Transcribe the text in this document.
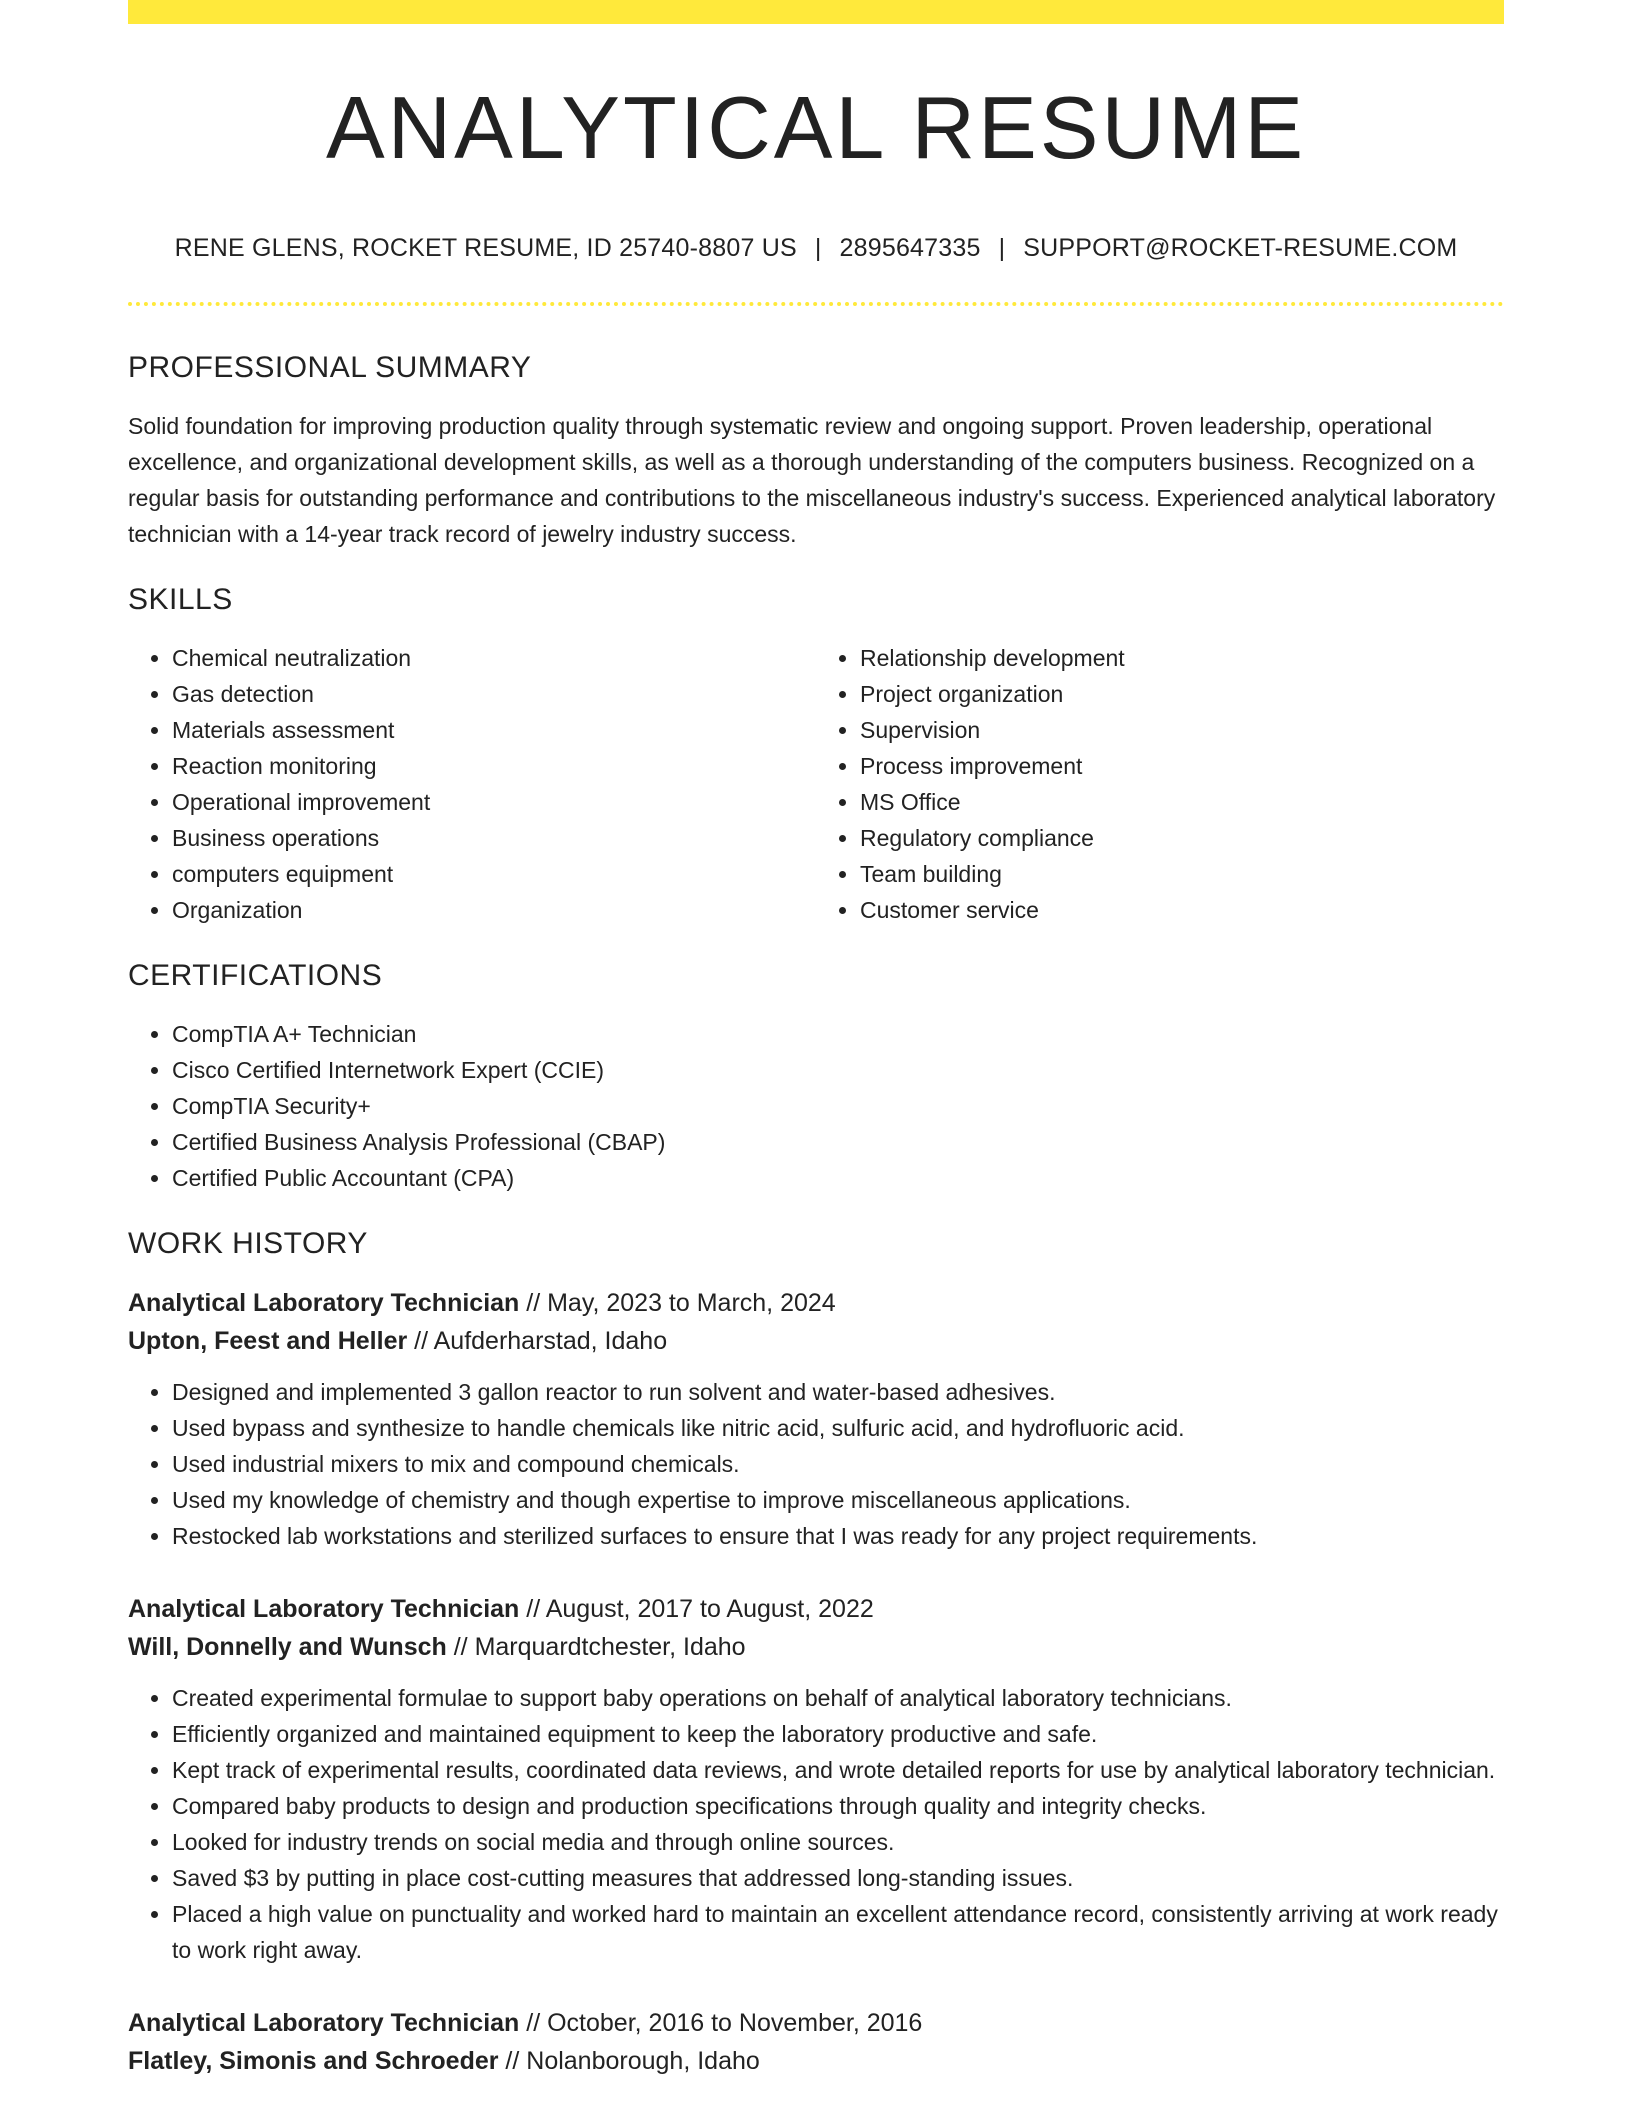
ANALYTICAL RESUME
RENE GLENS, ROCKET RESUME, ID 25740-8807 US | 2895647335 | SUPPORT@ROCKET-RESUME.COM
PROFESSIONAL SUMMARY
Solid foundation for improving production quality through systematic review and ongoing support. Proven leadership, operational excellence, and organizational development skills, as well as a thorough understanding of the computers business. Recognized on a regular basis for outstanding performance and contributions to the miscellaneous industry's success. Experienced analytical laboratory technician with a 14-year track record of jewelry industry success.
SKILLS
• Chemical neutralization
• Gas detection
• Materials assessment
• Reaction monitoring
• Operational improvement
• Business operations
• computers equipment
• Organization
• Relationship development
• Project organization
• Supervision
• Process improvement
• MS Office
• Regulatory compliance
• Team building
• Customer service
CERTIFICATIONS
• CompTIA A+ Technician
• Cisco Certified Internetwork Expert (CCIE)
• CompTIA Security+
• Certified Business Analysis Professional (CBAP)
• Certified Public Accountant (CPA)
WORK HISTORY
Analytical Laboratory Technician // May, 2023 to March, 2024
Upton, Feest and Heller // Aufderharstad, Idaho
• Designed and implemented 3 gallon reactor to run solvent and water-based adhesives.
• Used bypass and synthesize to handle chemicals like nitric acid, sulfuric acid, and hydrofluoric acid.
• Used industrial mixers to mix and compound chemicals.
• Used my knowledge of chemistry and though expertise to improve miscellaneous applications.
• Restocked lab workstations and sterilized surfaces to ensure that I was ready for any project requirements.
Analytical Laboratory Technician // August, 2017 to August, 2022
Will, Donnelly and Wunsch // Marquardtchester, Idaho
• Created experimental formulae to support baby operations on behalf of analytical laboratory technicians.
• Efficiently organized and maintained equipment to keep the laboratory productive and safe.
• Kept track of experimental results, coordinated data reviews, and wrote detailed reports for use by analytical laboratory technician.
• Compared baby products to design and production specifications through quality and integrity checks.
• Looked for industry trends on social media and through online sources.
• Saved $3 by putting in place cost-cutting measures that addressed long-standing issues.
• Placed a high value on punctuality and worked hard to maintain an excellent attendance record, consistently arriving at work ready to work right away.
Analytical Laboratory Technician // October, 2016 to November, 2016
Flatley, Simonis and Schroeder // Nolanborough, Idaho
